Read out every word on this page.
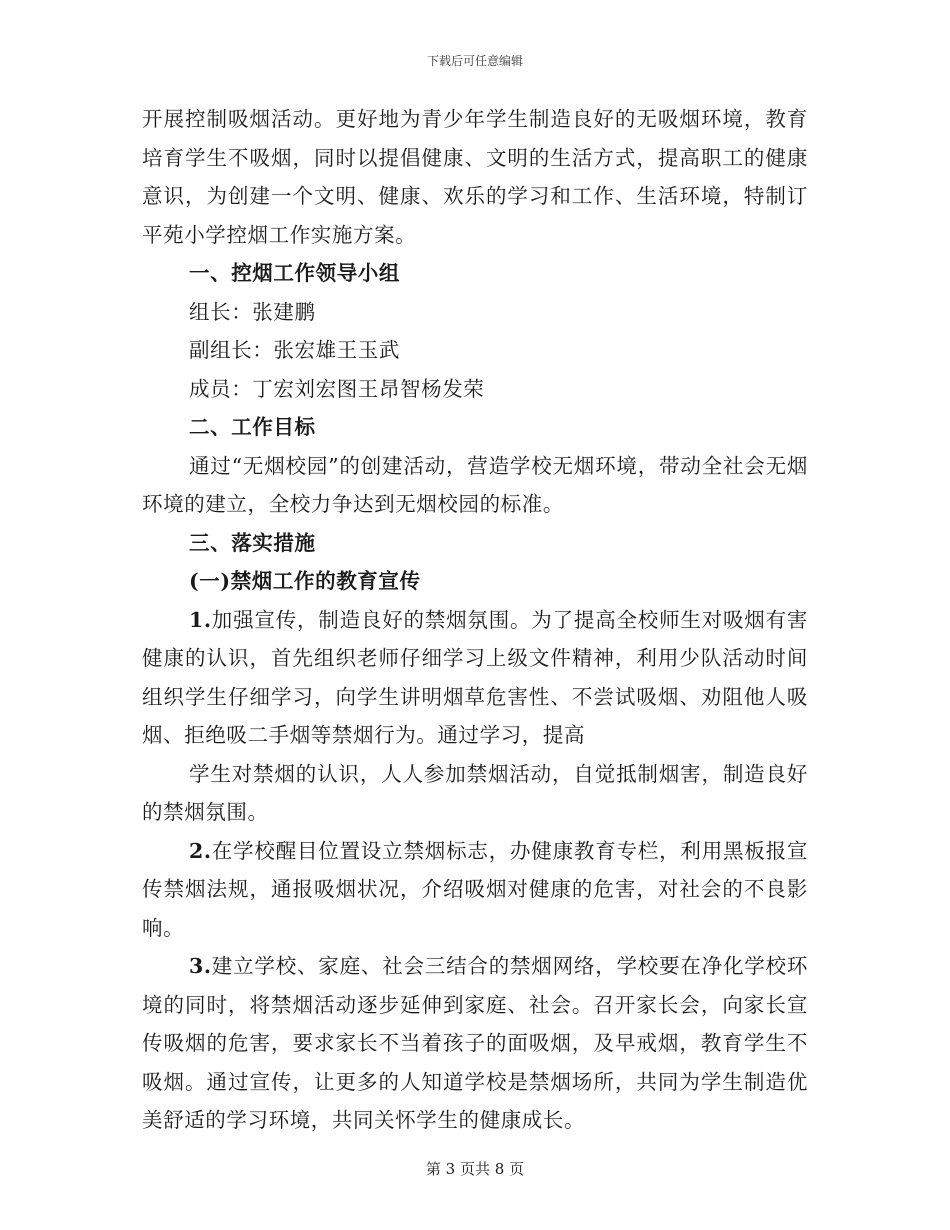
下载后可任意编辑

开展控制吸烟活动。更好地为青少年学生制造良好的无吸烟环境，教育培育学生不吸烟，同时以提倡健康、文明的生活方式，提高职工的健康意识，为创建一个文明、健康、欢乐的学习和工作、生活环境，特制订平苑小学控烟工作实施方案。

一、控烟工作领导小组

组长：张建鹏

副组长：张宏雄王玉武

成员：丁宏刘宏图王昂智杨发荣

二、工作目标

通过“无烟校园”的创建活动，营造学校无烟环境，带动全社会无烟环境的建立，全校力争达到无烟校园的标准。

三、落实措施

(一)禁烟工作的教育宣传

1.加强宣传，制造良好的禁烟氛围。为了提高全校师生对吸烟有害健康的认识，首先组织老师仔细学习上级文件精神，利用少队活动时间组织学生仔细学习，向学生讲明烟草危害性、不尝试吸烟、劝阻他人吸烟、拒绝吸二手烟等禁烟行为。通过学习，提高

学生对禁烟的认识，人人参加禁烟活动，自觉抵制烟害，制造良好的禁烟氛围。

2.在学校醒目位置设立禁烟标志，办健康教育专栏，利用黑板报宣传禁烟法规，通报吸烟状况，介绍吸烟对健康的危害，对社会的不良影响。

3.建立学校、家庭、社会三结合的禁烟网络，学校要在净化学校环境的同时，将禁烟活动逐步延伸到家庭、社会。召开家长会，向家长宣传吸烟的危害，要求家长不当着孩子的面吸烟，及早戒烟，教育学生不吸烟。通过宣传，让更多的人知道学校是禁烟场所，共同为学生制造优美舒适的学习环境，共同关怀学生的健康成长。

第 3 页共 8 页
